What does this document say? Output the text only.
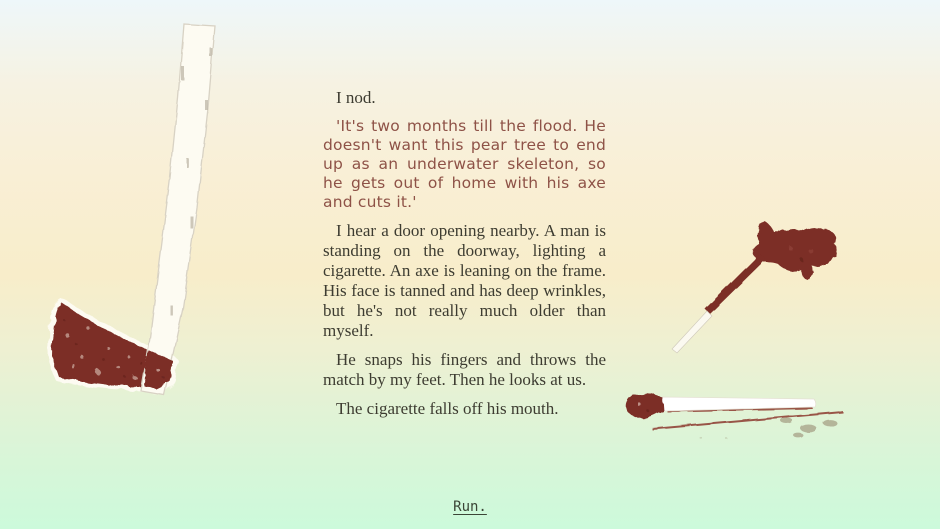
I nod.

'It's two months till the flood. He doesn't want this pear tree to end up as an underwater skeleton, so he gets out of home with his axe and cuts it.'

I hear a door opening nearby. A man is standing on the doorway, lighting a cigarette. An axe is leaning on the frame. His face is tanned and has deep wrinkles, but he's not really much older than myself.

He snaps his fingers and throws the match by my feet. Then he looks at us.

The cigarette falls off his mouth.

Run.
